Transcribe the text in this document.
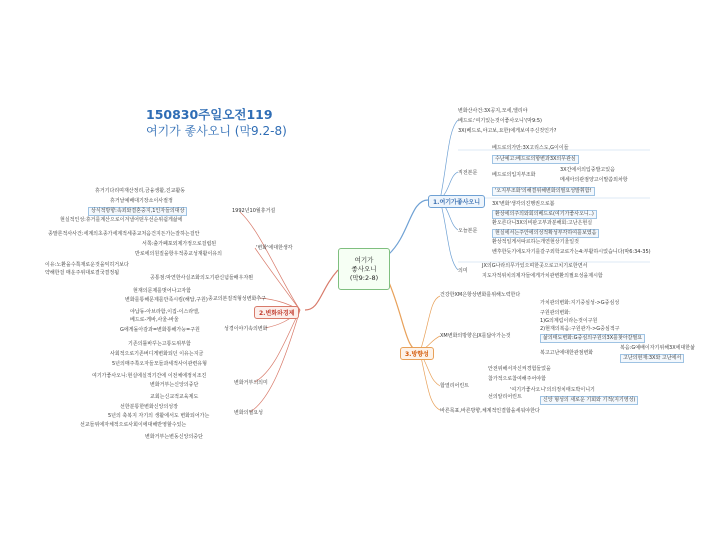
150830주일오전119
여기가 좋사오니 (막9.2-8)
여기가
좋사오니
(막9:2-8)
1.여기가좋사오니
2.변화와경제
3.방향성
변화산사건:3X공지,모세,엘리야
베드로:'여기있는것이좋사오니'(막9:5)
3X(베드로,야고보,요한)에게보여주신것인가?
직전본문
베드로의가만:3X고리스도,G이이들
수난예고:베드로의항변과3X의무관심
베드로의입지부조화
3X간에서의입중발고있음
메세아의관점양고이말씀외차항
'오지부조화'의해결위해변화의필요성발휘함!
오늘본문
3X'변화'생각의진행권으로봄
환상에의주의와회의베드로(여기가좋사오니..)
환오른다니3X의비판고부과분해회:고난은현실
현실에서는주안에의성적확성부각하여를보였음
환상적일게서따르하는개연현상기울일것
벤후한듯기에도자기를갈구외학교로가는4:부활하시었습니다(막6:34-35)
의미
JX의G나라의무가있으며한곳으로고치기로한면서
지도자적위치의제자들에게가치관변환의필요성을제시함
1992년10월휴거설
'변화'에대한생각
종교의본질적형성변화추구
성경이야기속의변화
변화거부의의미
변화의필요성
휴거기다리며재산정리,금융생활,진교활동
휴거날예배대기장소이사절정
상식적방향:속죄와결혼중지,1인자들의대상
현실적인성:휴거를계산으로이겨낼어떤우선순위쉽게삶에
종말론적사사건:세계의초종가세계적세종교처음건지든가는잘하는걸안
서쪽:출가폐포외제가정으로걸립된
반로에의원질을항우적종교성재활이유의
이유:노환을수쪽재로운것을익히거보다
약해한걸 매운주위대로결국결정됨
공통점:막연한사실조화의도기관신념들배우자뭔
현재의문제를벗어나고자함
변화를통해문제를만족시킴(해답,구원)
야납동-아브라함,이집-이스라엘,
베드로-게바,사울-바울
G에게돌아감과=변화통해가능=구원
기존의틀바꾸는고통도위부함
사회적으로기존버디게변화되던 이유는지금
5년의매주쪽오자들모들과세적사이관련유형
여기가좋사오니:현실에실적기간에 이전체에정치조진
변화거부는신앙의중단
교회는신교적교육제도
선한분통한변화신앙의성장
5년의 축복지 자기의 생활에서도 변화되어가는
선교들위에자체적으로사회이에대해반영할수있는
변화거부는변동신앙의중단
건강한XM은항상변화를위해노력한다
XM변화의방향은JX를닮아가는것
가치관의변화:지기중심성->G중심성
구원관의변화:
1)G의계림이라는것이구원
2)현재의복음:구원관가->G중심적구
삶의태도변화:G중심의구원의3X를찾아갈필요
복음:G예배이자기위해3X에대한삶
고난의현재:3X와 고난에서
복고고난에대한관점변화
합열리어린트
안전위해서자신켜경험들었을
참가적으로참여해주어야함
'여기가좋사오니'의의정치태도박이니기
선의알리어린트	신앙 형성의 새로운 기회와 기적(지기영성)
바른목표,바른방향,체계적인결합을세워야한다
